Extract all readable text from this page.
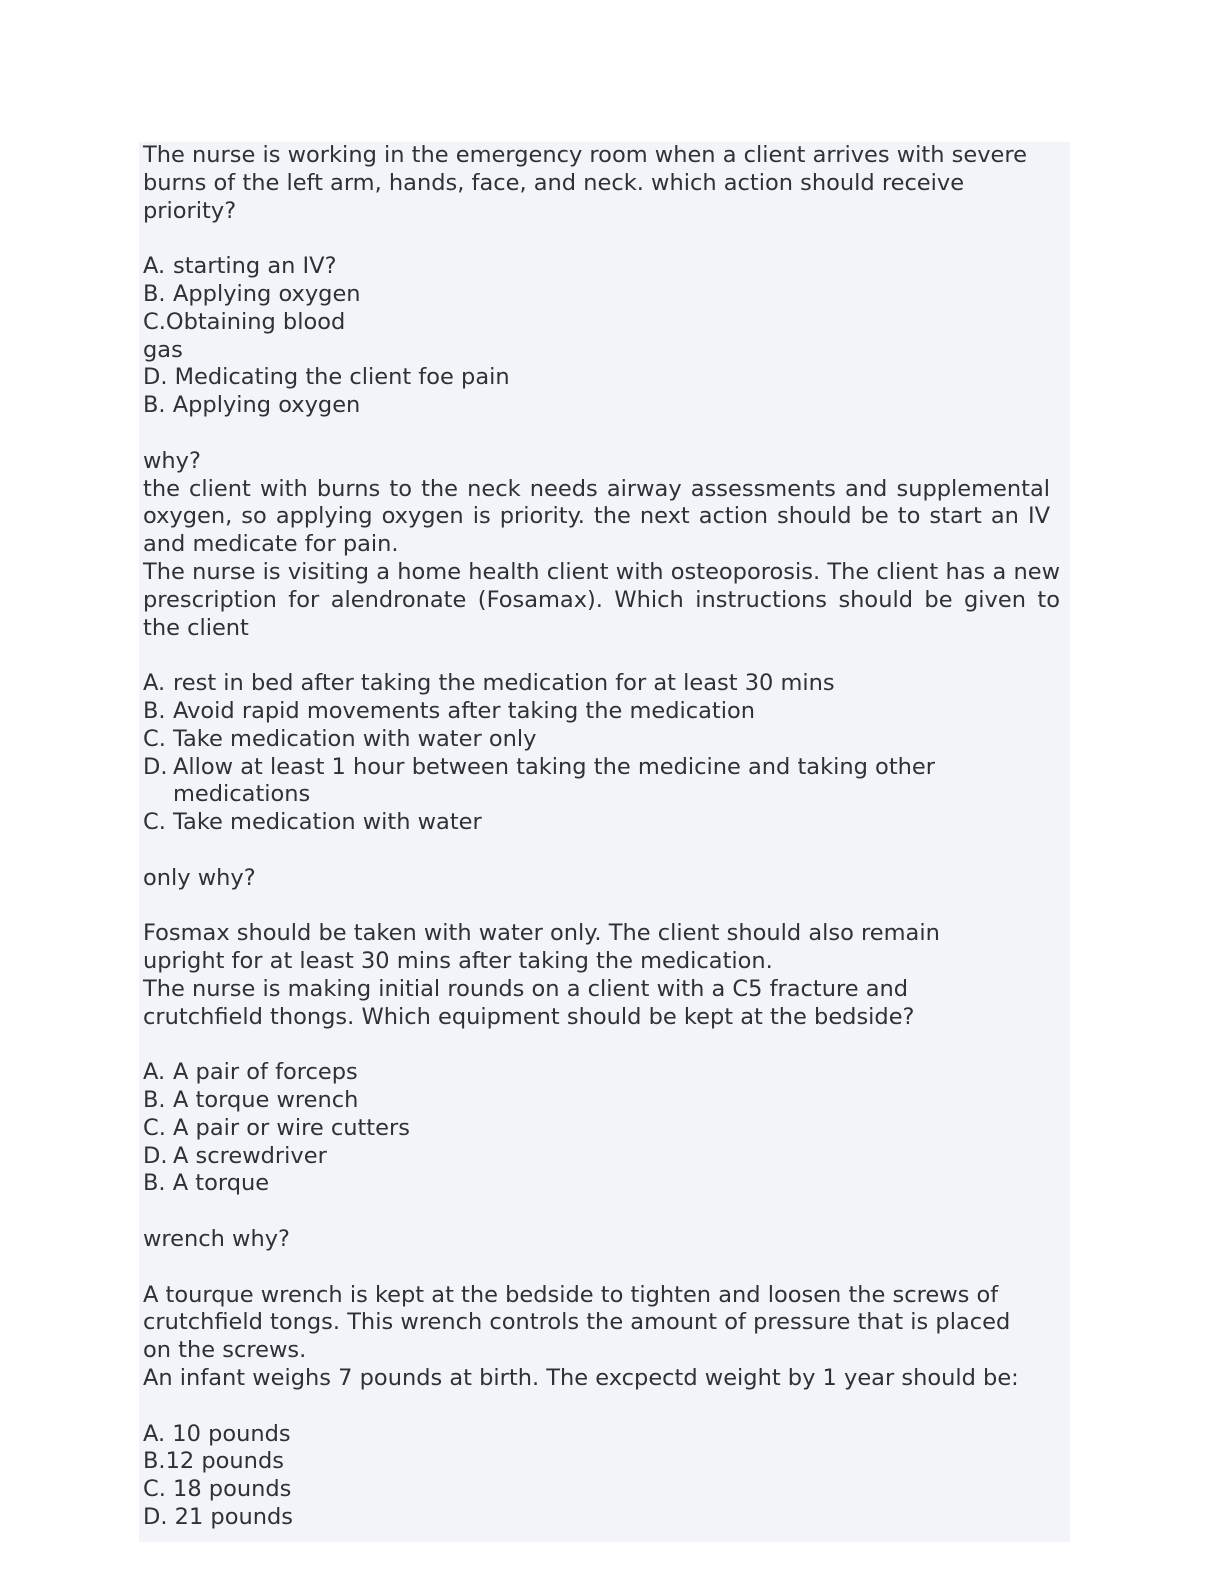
The nurse is working in the emergency room when a client arrives with severe
burns of the left arm, hands, face, and neck. which action should receive
priority?
A. starting an IV?
B. Applying oxygen
C.Obtaining blood
gas
D. Medicating the client foe pain
B. Applying oxygen
why?
the client with burns to the neck needs airway assessments and supplemental oxygen, so applying oxygen is priority. the next action should be to start an IV and medicate for pain.
The nurse is visiting a home health client with osteoporosis. The client has a new prescription for alendronate (Fosamax). Which instructions should be given to the client
A. rest in bed after taking the medication for at least 30 mins
B. Avoid rapid movements after taking the medication
C. Take medication with water only
D. Allow at least 1 hour between taking the medicine and taking other medications
C. Take medication with water
only why?
Fosmax should be taken with water only. The client should also remain
upright for at least 30 mins after taking the medication.
The nurse is making initial rounds on a client with a C5 fracture and
crutchfield thongs. Which equipment should be kept at the bedside?
A. A pair of forceps
B. A torque wrench
C. A pair or wire cutters
D. A screwdriver
B. A torque
wrench why?
A tourque wrench is kept at the bedside to tighten and loosen the screws of
crutchfield tongs. This wrench controls the amount of pressure that is placed
on the screws.
An infant weighs 7 pounds at birth. The excpectd weight by 1 year should be:
A. 10 pounds
B.12 pounds
C. 18 pounds
D. 21 pounds
